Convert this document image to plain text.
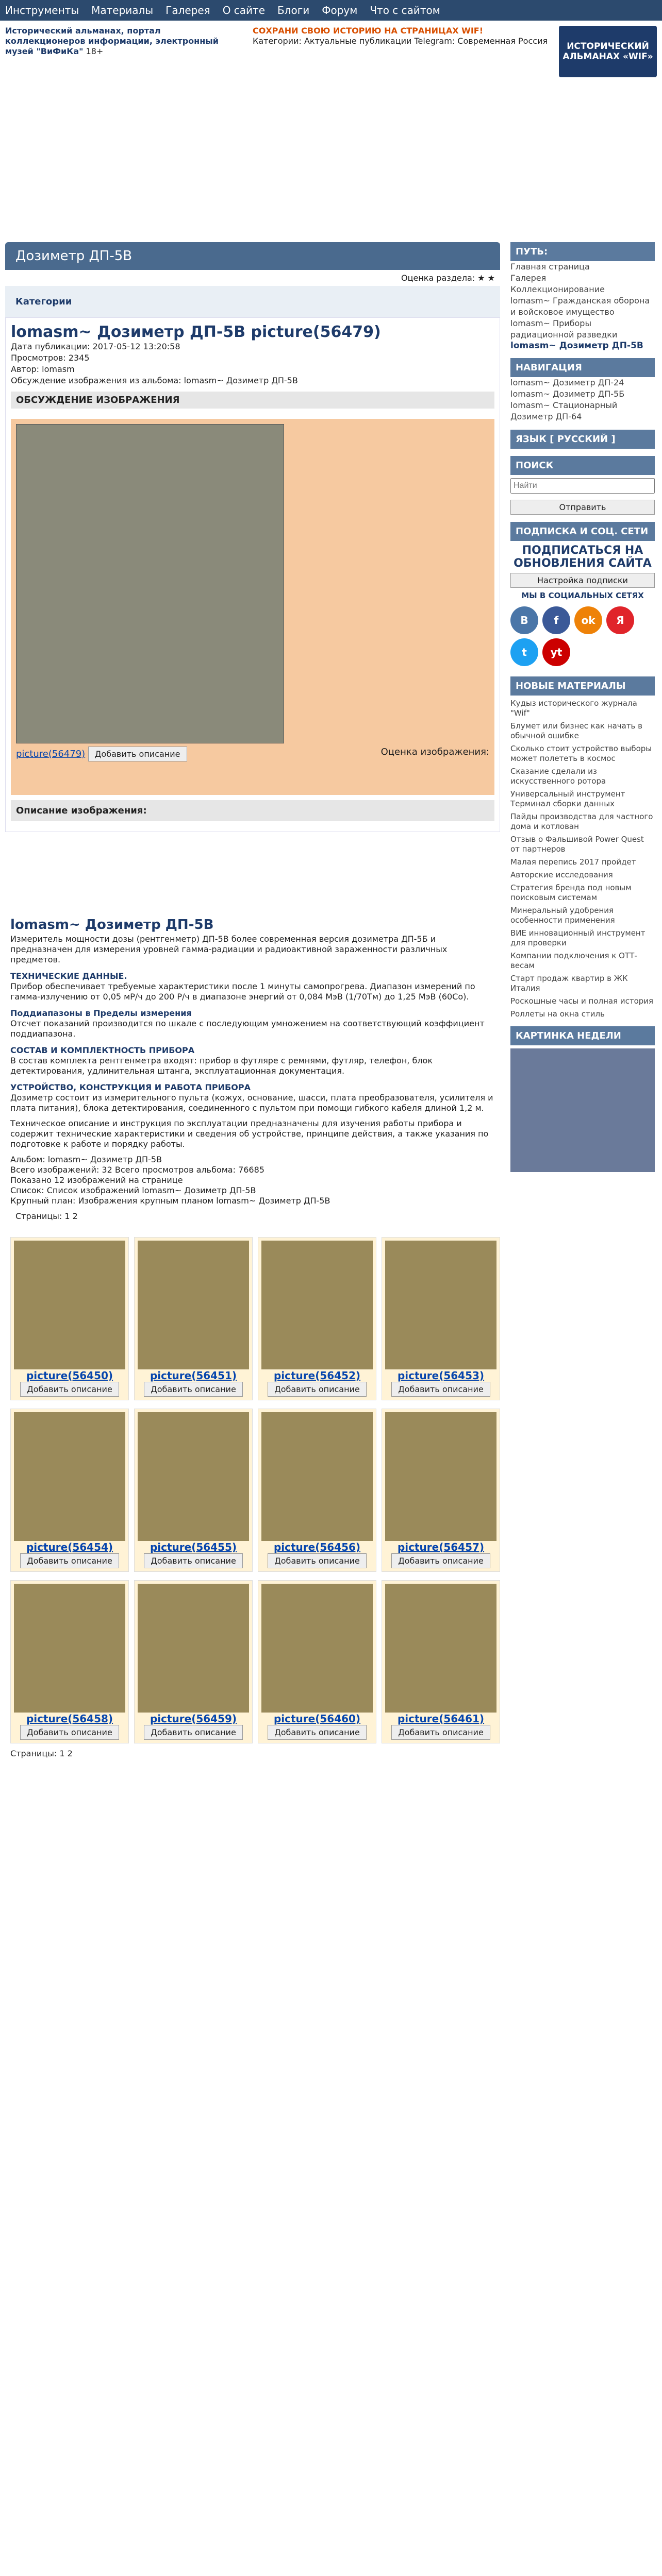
Инструменты Материалы Галерея О сайте Блоги Форум Что с сайтом
Исторический альманах, портал коллекционеров информации, электронный музей "ВиФиКа" 18+
СОХРАНИ СВОЮ ИСТОРИЮ НА СТРАНИЦАХ WIF!
Категории: Актуальные публикации Telegram: Современная Россия
ИСТОРИЧЕСКИЙ АЛЬМАНАХ «WIF»
Дозиметр ДП-5В
Оценка раздела: ★ ★
Категории
lomasm~ Дозиметр ДП-5В picture(56479)
Дата публикации: 2017-05-12 13:20:58
Просмотров: 2345
Автор: lomasm
Обсуждение изображения из альбома: lomasm~ Дозиметр ДП-5В
ОБСУЖДЕНИЕ ИЗОБРАЖЕНИЯ
picture(56479) Добавить описание	Оценка изображения:
Описание изображения:
lomasm~ Дозиметр ДП-5В

Измеритель мощности дозы (рентгенметр) ДП-5В более современная версия дозиметра ДП-5Б и предназначен для измерения уровней гамма-радиации и радиоактивной зараженности различных предметов.

ТЕХНИЧЕСКИЕ ДАННЫЕ.

Прибор обеспечивает требуемые характеристики после 1 минуты самопрогрева. Диапазон измерений по гамма-излучению от 0,05 мР/ч до 200 Р/ч в диапазоне энергий от 0,084 МэВ (1/70Тм) до 1,25 МэВ (60Co).

Поддиапазоны в Пределы измерения

Отсчет показаний производится по шкале с последующим умножением на соответствующий коэффициент поддиапазона.

СОСТАВ И КОМПЛЕКТНОСТЬ ПРИБОРА

В состав комплекта рентгенметра входят: прибор в футляре с ремнями, футляр, телефон, блок детектирования, удлинительная штанга, эксплуатационная документация.

УСТРОЙСТВО, КОНСТРУКЦИЯ И РАБОТА ПРИБОРА

Дозиметр состоит из измерительного пульта (кожух, основание, шасси, плата преобразователя, усилителя и плата питания), блока детектирования, соединенного с пультом при помощи гибкого кабеля длиной 1,2 м.

Техническое описание и инструкция по эксплуатации предназначены для изучения работы прибора и содержит технические характеристики и сведения об устройстве, принципе действия, а также указания по подготовке к работе и порядку работы.

Альбом: lomasm~ Дозиметр ДП-5В

Всего изображений: 32 Всего просмотров альбома: 76685

Показано 12 изображений на странице

Список: Список изображений lomasm~ Дозиметр ДП-5В

Крупный план: Изображения крупным планом lomasm~ Дозиметр ДП-5В

Страницы: 1 2

picture(56450)
Добавить описание
picture(56451)
Добавить описание
picture(56452)
Добавить описание
picture(56453)
Добавить описание
picture(56454)
Добавить описание
picture(56455)
Добавить описание
picture(56456)
Добавить описание
picture(56457)
Добавить описание
picture(56458)
Добавить описание
picture(56459)
Добавить описание
picture(56460)
Добавить описание
picture(56461)
Добавить описание

Страницы: 1 2

ПУТЬ:
Главная страница
Галерея
Коллекционирование
lomasm~ Гражданская оборона и войсковое имущество
lomasm~ Приборы радиационной разведки
lomasm~ Дозиметр ДП-5В
НАВИГАЦИЯ
lomasm~ Дозиметр ДП-24
lomasm~ Дозиметр ДП-5Б
lomasm~ Стационарный Дозиметр ДП-64
ЯЗЫК [ РУССКИЙ ]
ПОИСК
Найти
Отправить
ПОДПИСКА И СОЦ. СЕТИ
ПОДПИСАТЬСЯ НА ОБНОВЛЕНИЯ САЙТА
Настройка подписки
МЫ В СОЦИАЛЬНЫХ СЕТЯХ
B	f	ok	Я
t	yt
НОВЫЕ МАТЕРИАЛЫ
Кудыз исторического журнала "Wif"
Блумет или бизнес как начать в обычной ошибке
Сколько стоит устройство выборы может полететь в космос
Сказание сделали из искусственного ротора
Универсальный инструмент Терминал сборки данных
Пайды производства для частного дома и котлован
Отзыв о Фальшивой Power Quest от партнеров
Малая перепись 2017 пройдет
Авторские исследования
Стратегия бренда под новым поисковым системам
Минеральный удобрения особенности применения
ВИЕ инновационный инструмент для проверки
Компании подключения к ОТТ-весам
Старт продаж квартир в ЖК Италия
Роскошные часы и полная история
Роллеты на окна стиль
КАРТИНКА НЕДЕЛИ
